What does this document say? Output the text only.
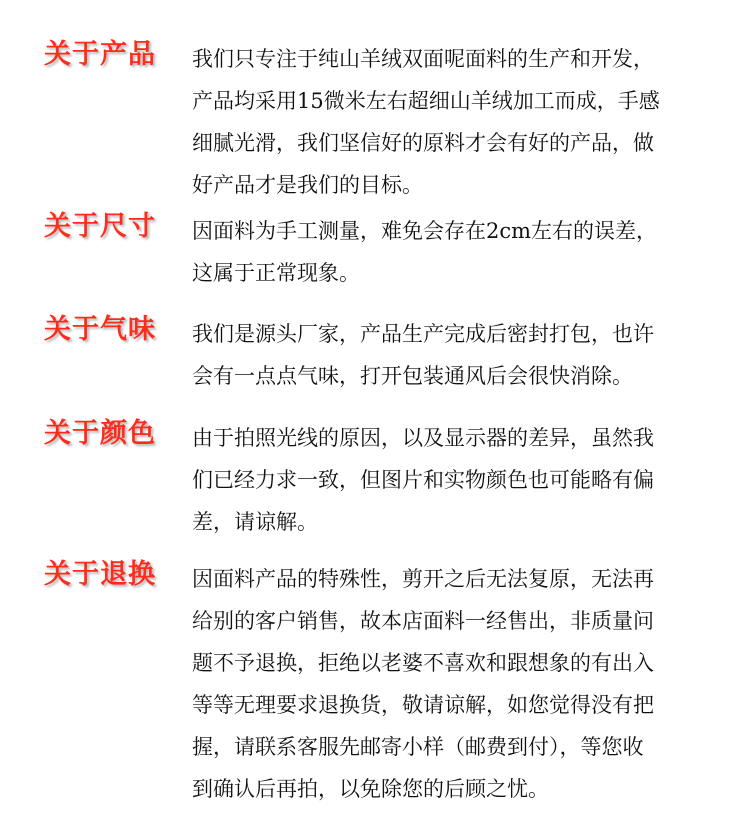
关于产品 我们只专注于纯山羊绒双面呢面料的生产和开发，
产品均采用15微米左右超细山羊绒加工而成，手感
细腻光滑，我们坚信好的原料才会有好的产品，做
好产品才是我们的目标。
关于尺寸 因面料为手工测量，难免会存在2cm左右的误差，
这属于正常现象。
关于气味 我们是源头厂家，产品生产完成后密封打包，也许
会有一点点气味，打开包装通风后会很快消除。
关于颜色 由于拍照光线的原因，以及显示器的差异，虽然我
们已经力求一致，但图片和实物颜色也可能略有偏
差，请谅解。
关于退换 因面料产品的特殊性，剪开之后无法复原，无法再
给别的客户销售，故本店面料一经售出，非质量问
题不予退换，拒绝以老婆不喜欢和跟想象的有出入
等等无理要求退换货，敬请谅解，如您觉得没有把
握，请联系客服先邮寄小样（邮费到付），等您收
到确认后再拍，以免除您的后顾之忧。
